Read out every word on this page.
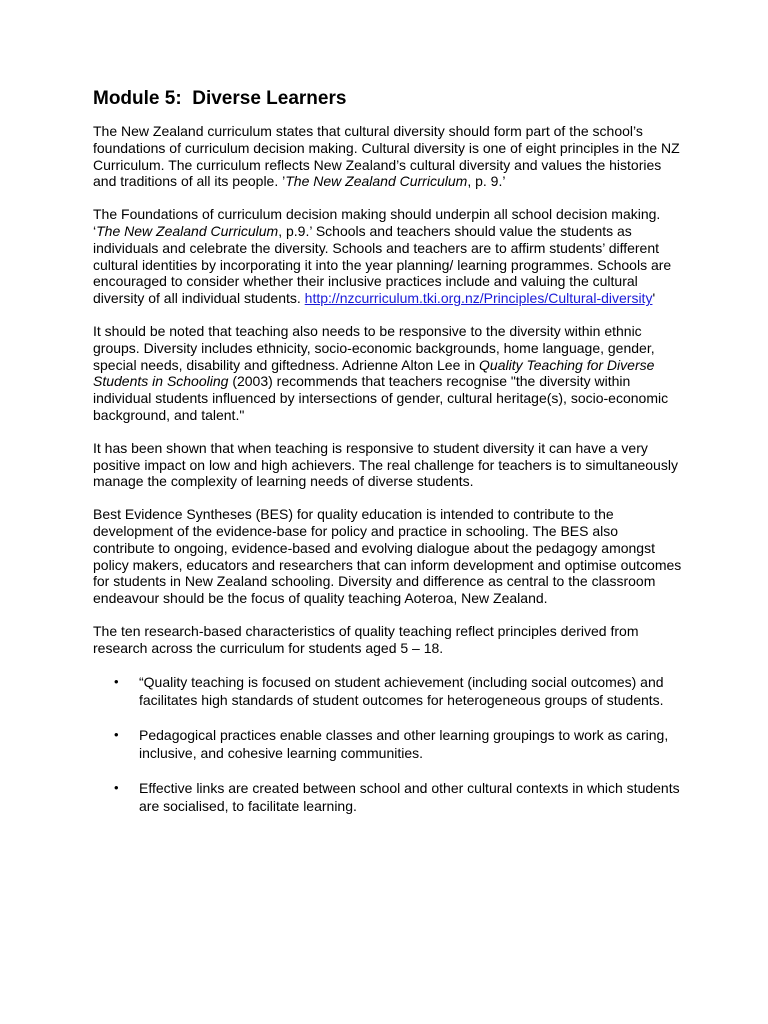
Module 5:  Diverse Learners

The New Zealand curriculum states that cultural diversity should form part of the school’s foundations of curriculum decision making. Cultural diversity is one of eight principles in the NZ Curriculum. The curriculum reflects New Zealand’s cultural diversity and values the histories and traditions of all its people. ’The New Zealand Curriculum, p. 9.’

The Foundations of curriculum decision making should underpin all school decision making. ‘The New Zealand Curriculum, p.9.’ Schools and teachers should value the students as individuals and celebrate the diversity. Schools and teachers are to affirm students’ different cultural identities by incorporating it into the year planning/ learning programmes. Schools are encouraged to consider whether their inclusive practices include and valuing the cultural diversity of all individual students. http://nzcurriculum.tki.org.nz/Principles/Cultural-diversity'

It should be noted that teaching also needs to be responsive to the diversity within ethnic groups. Diversity includes ethnicity, socio-economic backgrounds, home language, gender, special needs, disability and giftedness. Adrienne Alton Lee in Quality Teaching for Diverse Students in Schooling (2003) recommends that teachers recognise "the diversity within individual students influenced by intersections of gender, cultural heritage(s), socio-economic background, and talent."

It has been shown that when teaching is responsive to student diversity it can have a very positive impact on low and high achievers. The real challenge for teachers is to simultaneously manage the complexity of learning needs of diverse students.

Best Evidence Syntheses (BES) for quality education is intended to contribute to the development of the evidence-base for policy and practice in schooling. The BES also contribute to ongoing, evidence-based and evolving dialogue about the pedagogy amongst policy makers, educators and researchers that can inform development and optimise outcomes for students in New Zealand schooling. Diversity and difference as central to the classroom endeavour should be the focus of quality teaching Aoteroa, New Zealand.

The ten research-based characteristics of quality teaching reflect principles derived from research across the curriculum for students aged 5 – 18.

• “Quality teaching is focused on student achievement (including social outcomes) and facilitates high standards of student outcomes for heterogeneous groups of students.
• Pedagogical practices enable classes and other learning groupings to work as caring, inclusive, and cohesive learning communities.
• Effective links are created between school and other cultural contexts in which students are socialised, to facilitate learning.
